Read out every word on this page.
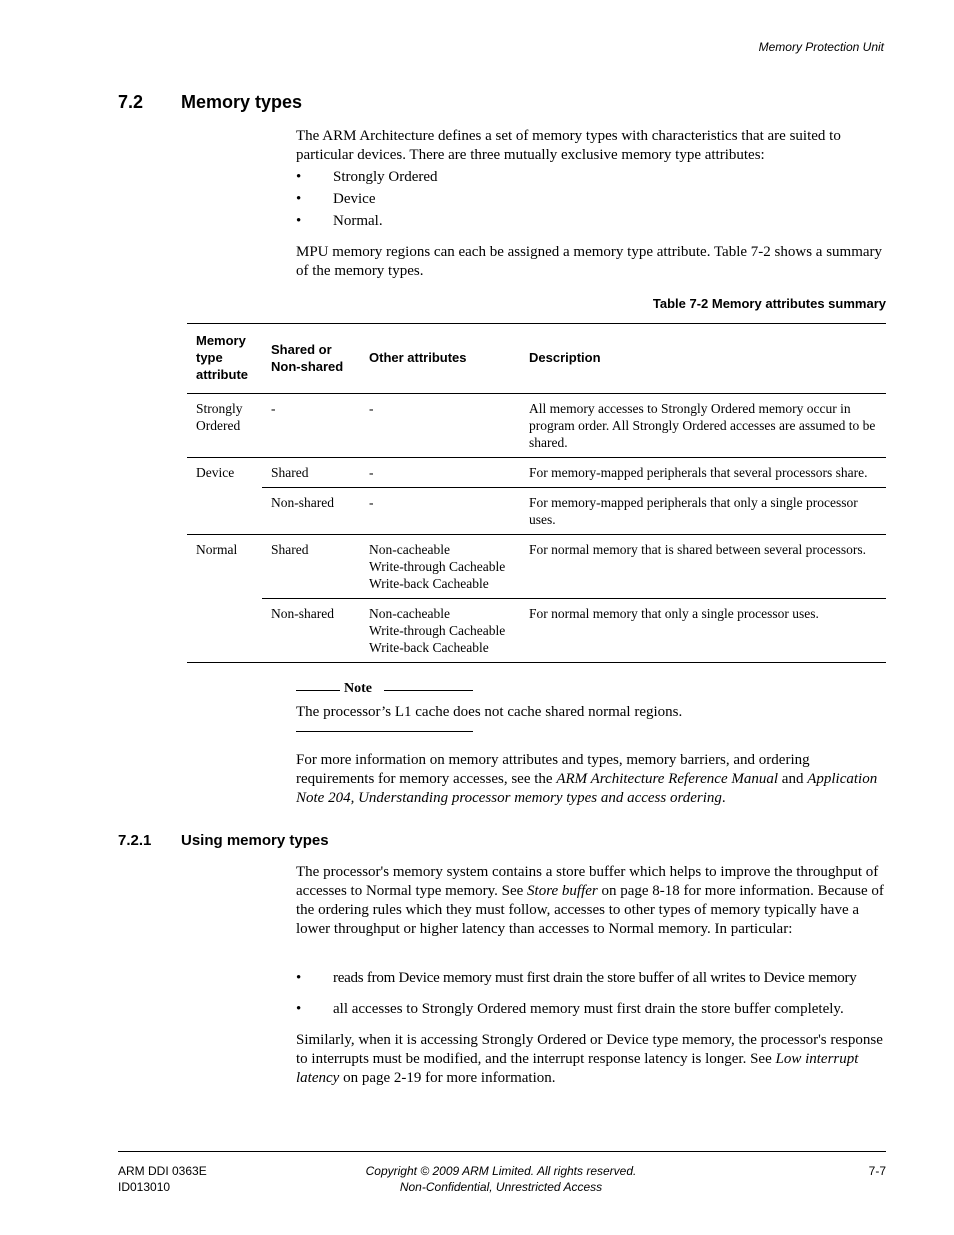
Memory Protection Unit
7.2 Memory types

The ARM Architecture defines a set of memory types with characteristics that are suited to particular devices. There are three mutually exclusive memory type attributes:

• Strongly Ordered
• Device
• Normal.

MPU memory regions can each be assigned a memory type attribute. Table 7-2 shows a summary of the memory types.

Table 7-2 Memory attributes summary
Memory type attribute	Shared or Non-shared	Other attributes	Description
Strongly Ordered	-	-	All memory accesses to Strongly Ordered memory occur in program order. All Strongly Ordered accesses are assumed to be shared.
Device	Shared	-	For memory-mapped peripherals that several processors share.
	Non-shared	-	For memory-mapped peripherals that only a single processor uses.
Normal	Shared	Non-cacheable
Write-through Cacheable
Write-back Cacheable	For normal memory that is shared between several processors.
	Non-shared	Non-cacheable
Write-through Cacheable
Write-back Cacheable	For normal memory that only a single processor uses.
Note
The processor’s L1 cache does not cache shared normal regions.

For more information on memory attributes and types, memory barriers, and ordering requirements for memory accesses, see the ARM Architecture Reference Manual and Application Note 204, Understanding processor memory types and access ordering.

7.2.1 Using memory types

The processor's memory system contains a store buffer which helps to improve the throughput of accesses to Normal type memory. See Store buffer on page 8-18 for more information. Because of the ordering rules which they must follow, accesses to other types of memory typically have a lower throughput or higher latency than accesses to Normal memory. In particular:

• reads from Device memory must first drain the store buffer of all writes to Device memory
• all accesses to Strongly Ordered memory must first drain the store buffer completely.

Similarly, when it is accessing Strongly Ordered or Device type memory, the processor's response to interrupts must be modified, and the interrupt response latency is longer. See Low interrupt latency on page 2-19 for more information.

ARM DDI 0363E
ID013010
Copyright © 2009 ARM Limited. All rights reserved.
Non-Confidential, Unrestricted Access
7-7
